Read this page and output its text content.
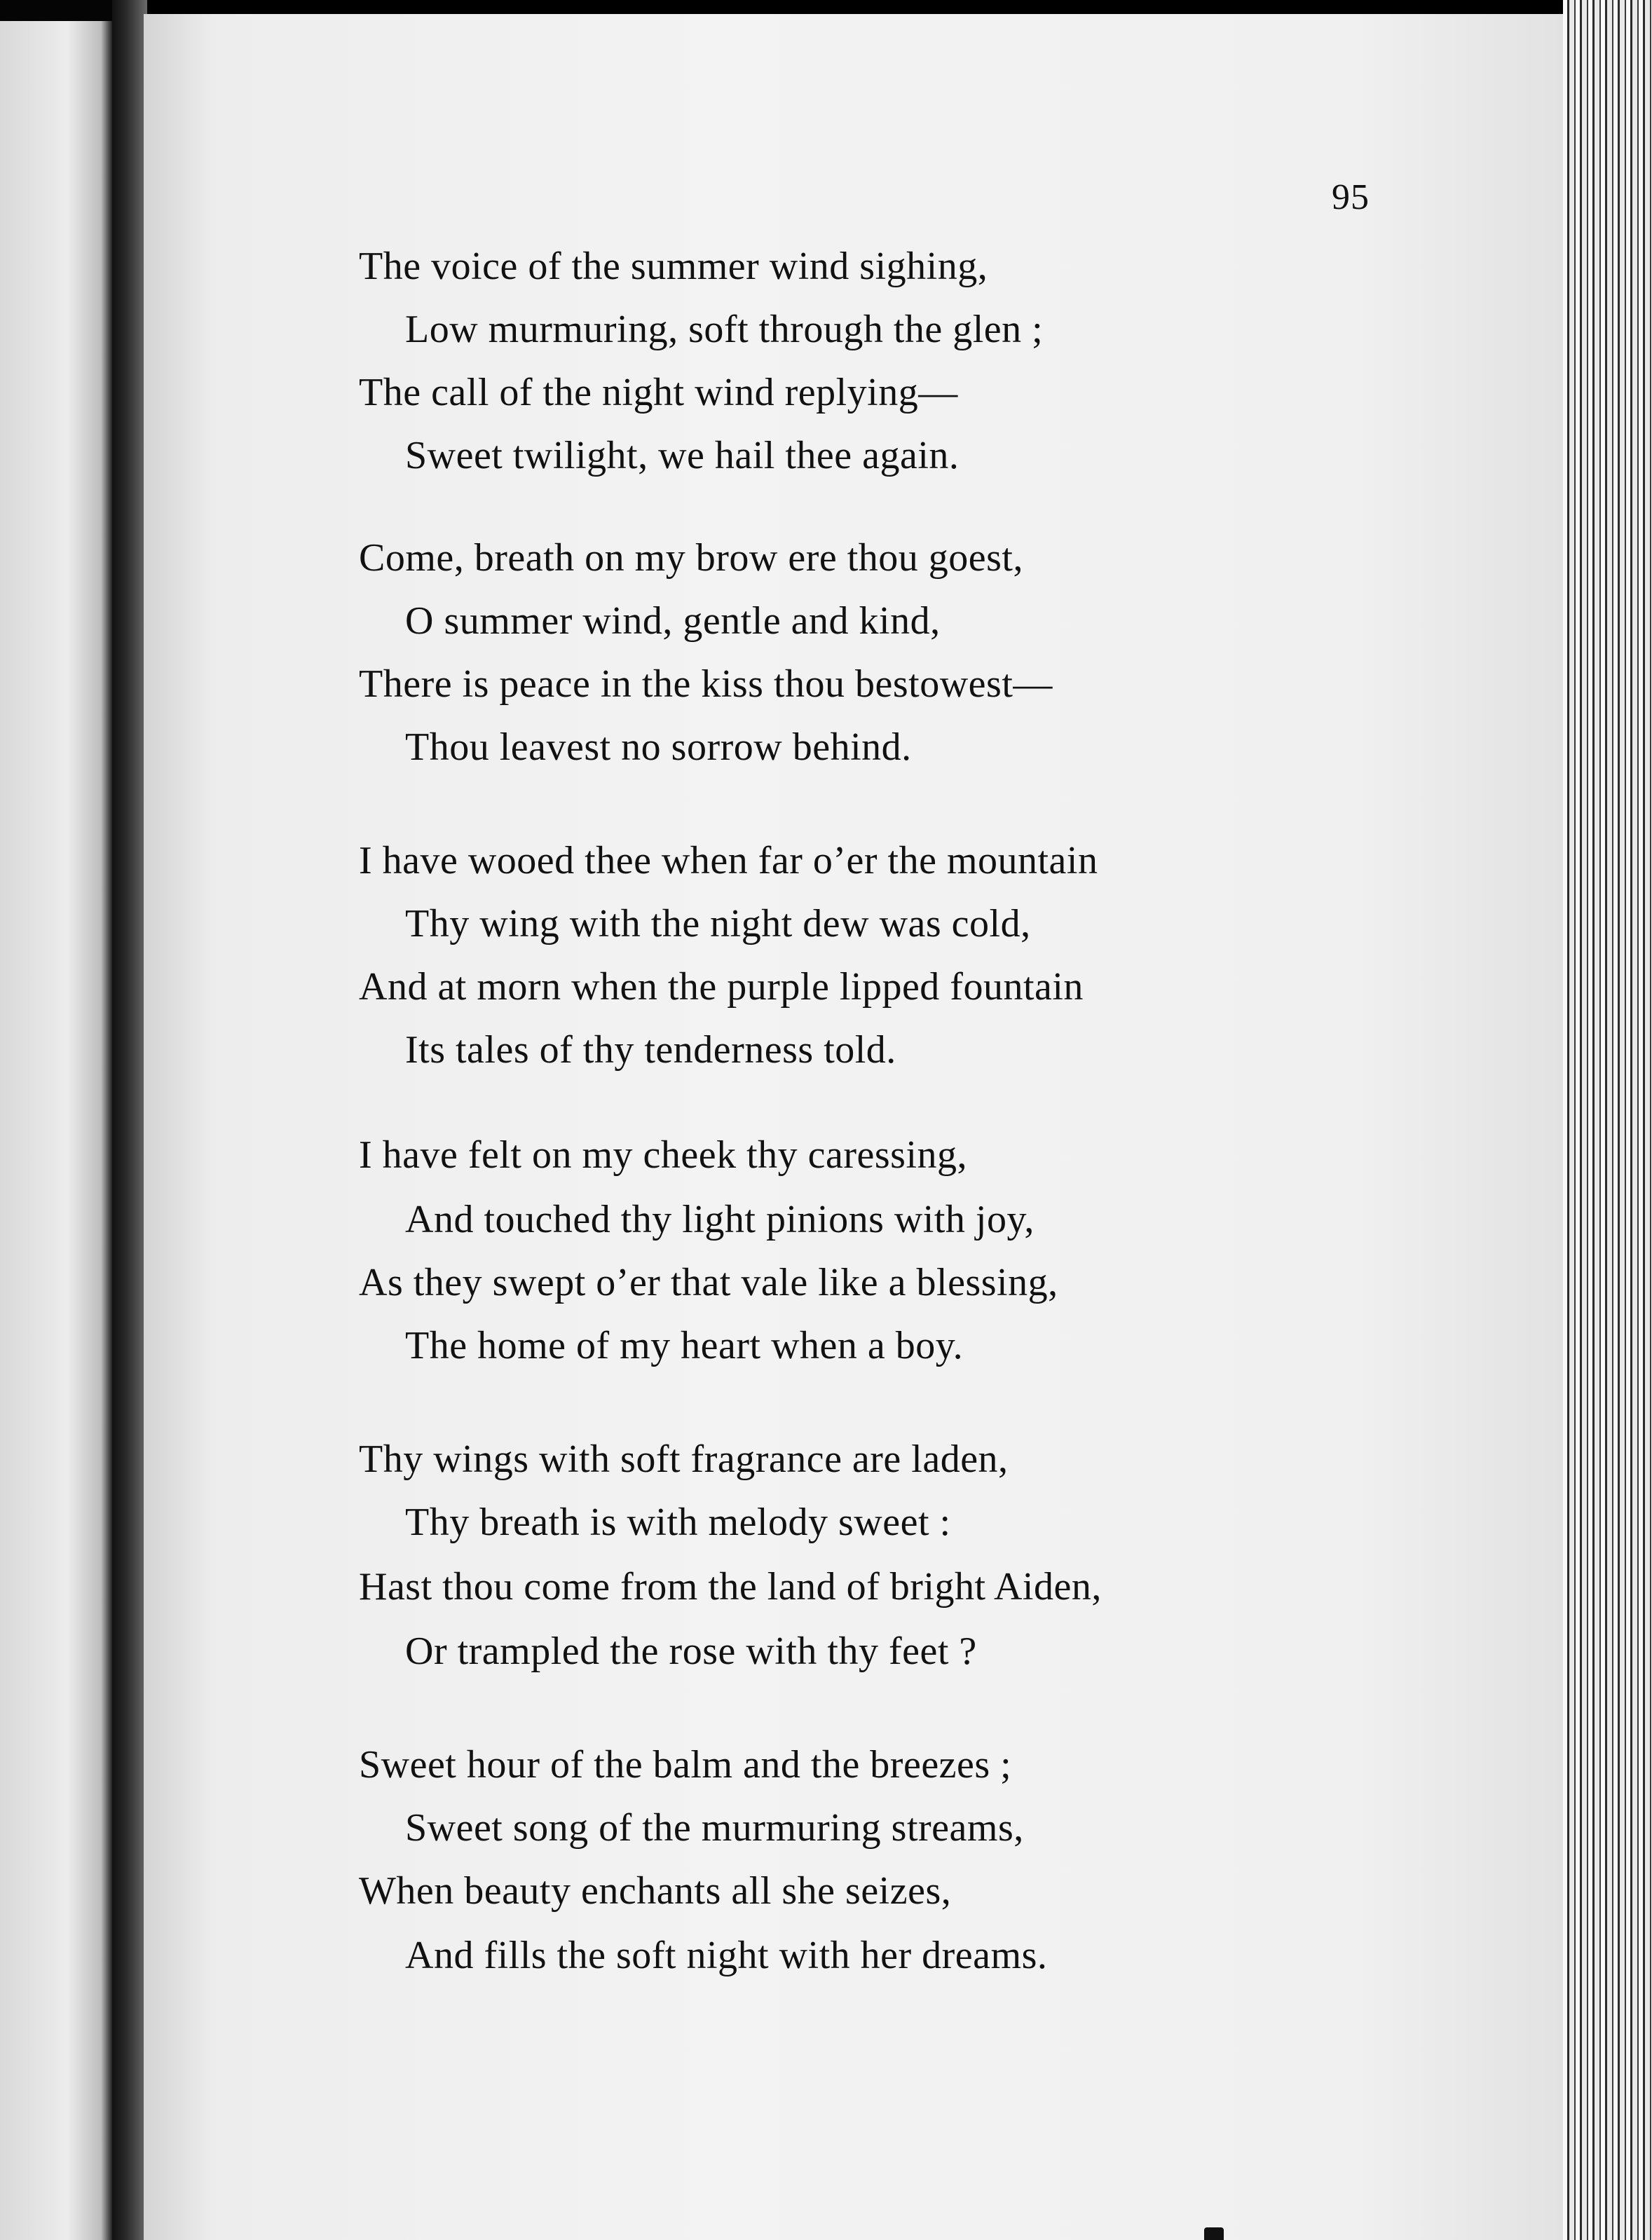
95
The voice of the summer wind sighing,
Low murmuring, soft through the glen ;
The call of the night wind replying—
Sweet twilight, we hail thee again.
Come, breath on my brow ere thou goest,
O summer wind, gentle and kind,
There is peace in the kiss thou bestowest—
Thou leavest no sorrow behind.
I have wooed thee when far o’er the mountain
Thy wing with the night dew was cold,
And at morn when the purple lipped fountain
Its tales of thy tenderness told.
I have felt on my cheek thy caressing,
And touched thy light pinions with joy,
As they swept o’er that vale like a blessing,
The home of my heart when a boy.
Thy wings with soft fragrance are laden,
Thy breath is with melody sweet :
Hast thou come from the land of bright Aiden,
Or trampled the rose with thy feet ?
Sweet hour of the balm and the breezes ;
Sweet song of the murmuring streams,
When beauty enchants all she seizes,
And fills the soft night with her dreams.
